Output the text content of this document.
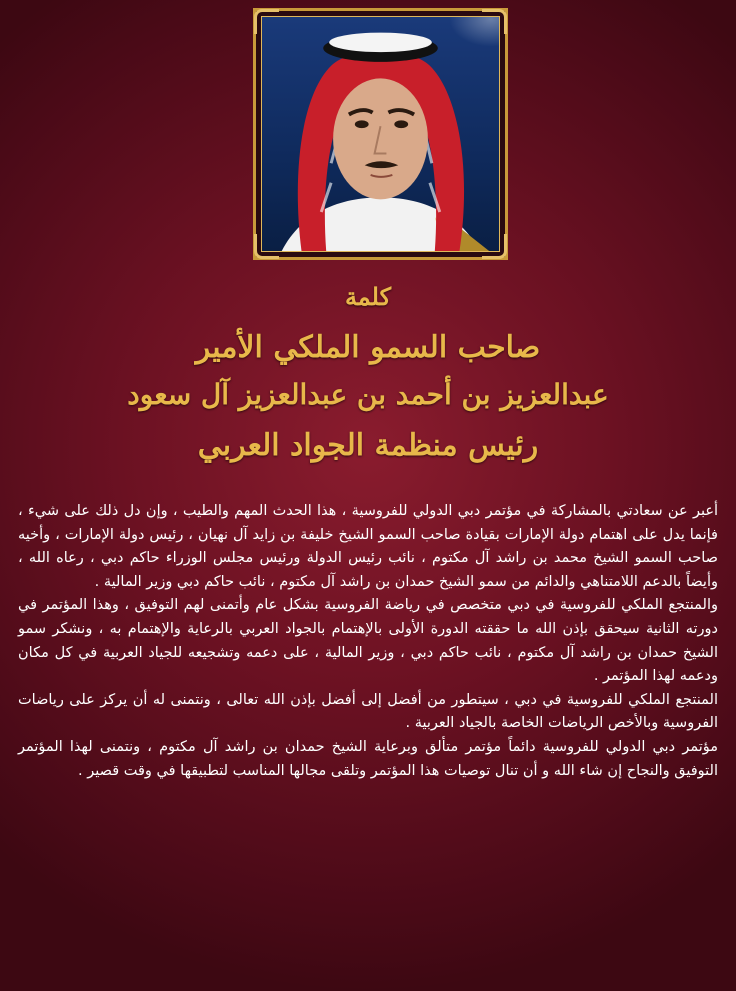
كلمة
صاحب السمو الملكي الأمير
عبدالعزيز بن أحمد بن عبدالعزيز آل سعود
رئيس منظمة الجواد العربي

أعبر عن سعادتي بالمشاركة في مؤتمر دبي الدولي للفروسية ، هذا الحدث المهم والطيب ، وإن دل ذلك على شيء ، فإنما يدل على اهتمام دولة الإمارات بقيادة صاحب السمو الشيخ خليفة بن زايد آل نهيان ، رئيس دولة الإمارات ، وأخيه صاحب السمو الشيخ محمد بن راشد آل مكتوم ، نائب رئيس الدولة ورئيس مجلس الوزراء حاكم دبي ، رعاه الله ، وأيضاً بالدعم اللامتناهي والدائم من سمو الشيخ حمدان بن راشد آل مكتوم ، نائب حاكم دبي وزير المالية .

والمنتجع الملكي للفروسية في دبي متخصص في رياضة الفروسية بشكل عام وأتمنى لهم التوفيق ، وهذا المؤتمر في دورته الثانية سيحقق بإذن الله ما حققته الدورة الأولى بالإهتمام بالجواد العربي بالرعاية والإهتمام به ، ونشكر سمو الشيخ حمدان بن راشد آل مكتوم ، نائب حاكم دبي ، وزير المالية ، على دعمه وتشجيعه للجياد العربية في كل مكان ودعمه لهذا المؤتمر .

المنتجع الملكي للفروسية في دبي ، سيتطور من أفضل إلى أفضل بإذن الله تعالى ، ونتمنى له أن يركز على رياضات الفروسية وبالأخص الرياضات الخاصة بالجياد العربية .

مؤتمر دبي الدولي للفروسية دائماً مؤتمر متألق وبرعاية الشيخ حمدان بن راشد آل مكتوم ، ونتمنى لهذا المؤتمر التوفيق والنجاح إن شاء الله و أن تنال توصيات هذا المؤتمر وتلقى مجالها المناسب لتطبيقها في وقت قصير .
